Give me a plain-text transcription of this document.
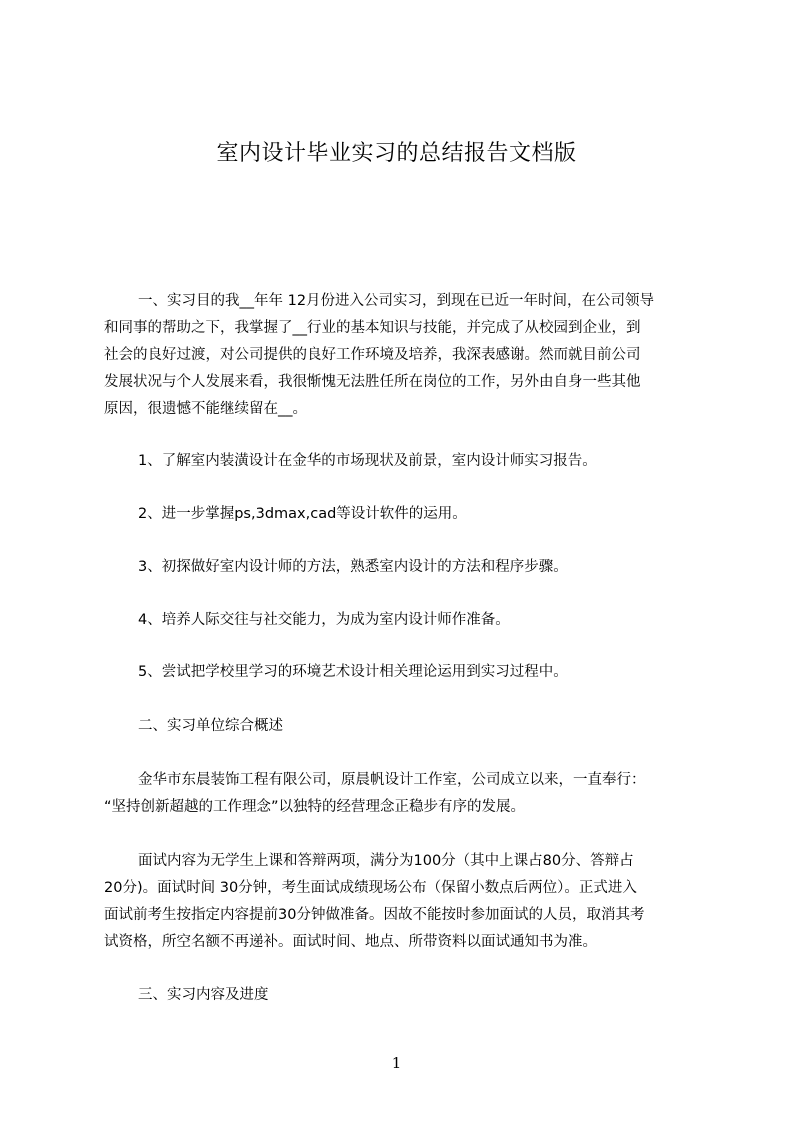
室内设计毕业实习的总结报告文档版
一、实习目的我__年年 12月份进入公司实习，到现在已近一年时间，在公司领导
和同事的帮助之下，我掌握了__行业的基本知识与技能，并完成了从校园到企业，到
社会的良好过渡，对公司提供的良好工作环境及培养，我深表感谢。然而就目前公司
发展状况与个人发展来看，我很惭愧无法胜任所在岗位的工作，另外由自身一些其他
原因，很遗憾不能继续留在__。
1、了解室内装潢设计在金华的市场现状及前景，室内设计师实习报告。
2、进一步掌握ps,3dmax,cad等设计软件的运用。
3、初探做好室内设计师的方法，熟悉室内设计的方法和程序步骤。
4、培养人际交往与社交能力，为成为室内设计师作准备。
5、尝试把学校里学习的环境艺术设计相关理论运用到实习过程中。
二、实习单位综合概述
金华市东晨装饰工程有限公司，原晨帆设计工作室，公司成立以来，一直奉行：
“坚持创新超越的工作理念”以独特的经营理念正稳步有序的发展。
面试内容为无学生上课和答辩两项，满分为100分（其中上课占80分、答辩占
20分)。面试时间 30分钟，考生面试成绩现场公布（保留小数点后两位）。正式进入
面试前考生按指定内容提前30分钟做准备。因故不能按时参加面试的人员，取消其考
试资格，所空名额不再递补。面试时间、地点、所带资料以面试通知书为准。
三、实习内容及进度
1
